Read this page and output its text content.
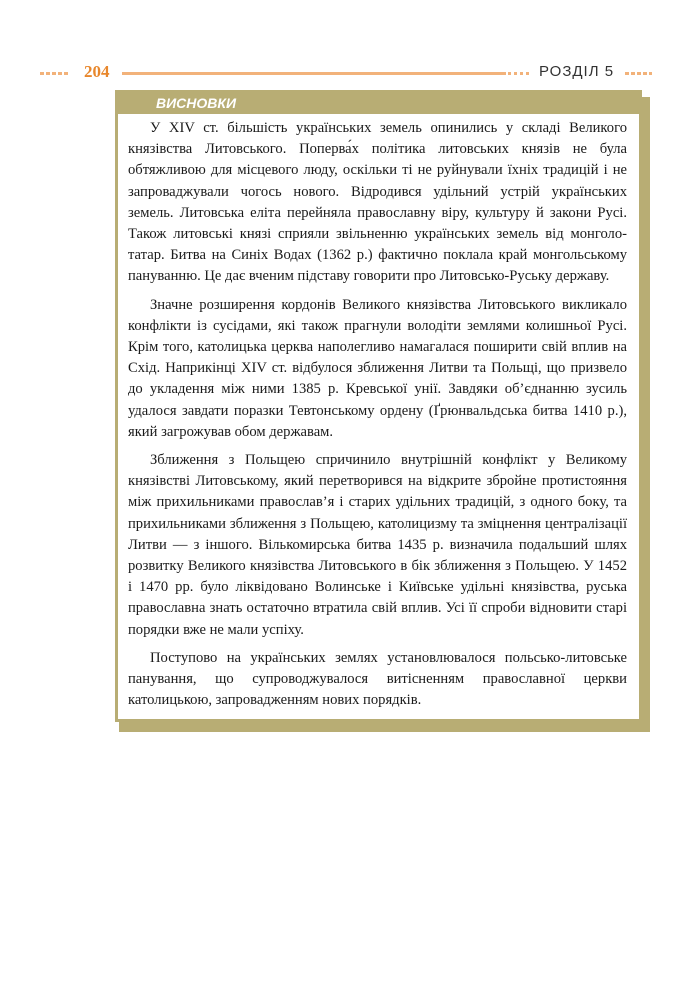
204	РОЗДІЛ 5
ВИСНОВКИ

У XIV ст. більшість українських земель опинились у складі Великого князівства Литовського. Поперва́х політика литовських князів не була обтяжливою для місцевого люду, оскільки ті не руйнували їхніх традицій і не запроваджували чогось нового. Відродився удільний устрій українських земель. Литовська еліта перейняла православну віру, культуру й закони Русі. Також литовські князі сприяли звільненню українських земель від монголо-татар. Битва на Синіх Водах (1362 р.) фактично поклала край монгольському пануванню. Це дає вченим підставу говорити про Литовсько-Руську державу.

Значне розширення кордонів Великого князівства Литовського викликало конфлікти із сусідами, які також прагнули володіти землями колишньої Русі. Крім того, католицька церква наполегливо намагалася поширити свій вплив на Схід. Наприкінці XIV ст. відбулося зближення Литви та Польщі, що призвело до укладення між ними 1385 р. Кревської унії. Завдяки об’єднанню зусиль удалося завдати поразки Тевтонському ордену (Ґрюнвальдська битва 1410 р.), який загрожував обом державам.

Зближення з Польщею спричинило внутрішній конфлікт у Великому князівстві Литовському, який перетворився на відкрите збройне протистояння між прихильниками православ’я і старих удільних традицій, з одного боку, та прихильниками зближення з Польщею, католицизму та зміцнення централізації Литви — з іншого. Вількомирська битва 1435 р. визначила подальший шлях розвитку Великого князівства Литовського в бік зближення з Польщею. У 1452 і 1470 рр. було ліквідовано Волинське і Київське удільні князівства, руська православна знать остаточно втратила свій вплив. Усі її спроби відновити старі порядки вже не мали успіху.

Поступово на українських землях установлювалося польсько-литовське панування, що супроводжувалося витісненням православної церкви католицькою, запровадженням нових порядків.
